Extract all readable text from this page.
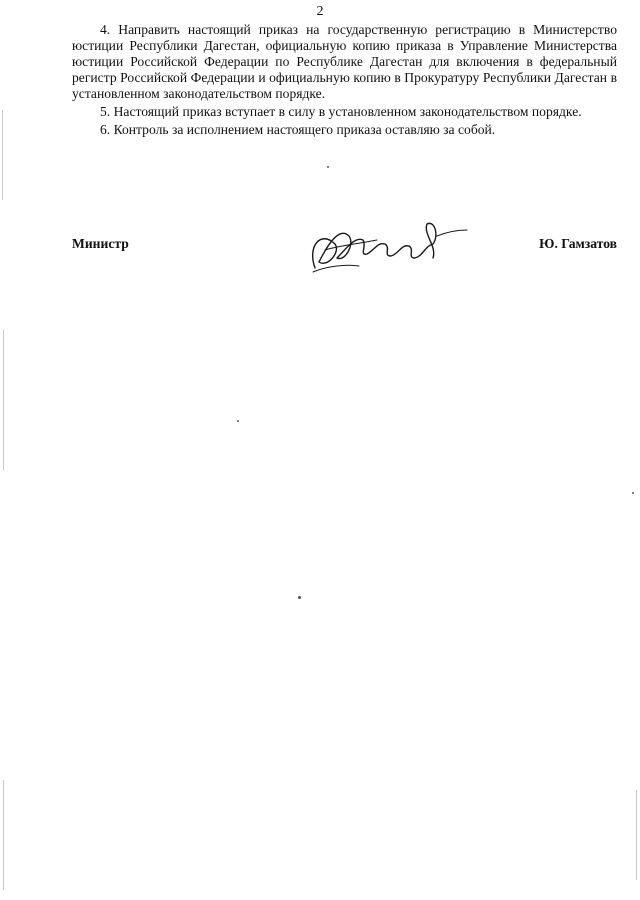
2

4. Направить настоящий приказ на государственную регистрацию в Министерство юстиции Республики Дагестан, официальную копию приказа в Управление Министерства юстиции Российской Федерации по Республике Дагестан для включения в федеральный регистр Российской Федерации и официальную копию в Прокуратуру Республики Дагестан в установленном законодательством порядке.

5. Настоящий приказ вступает в силу в установленном законодательством порядке.

6. Контроль за исполнением настоящего приказа оставляю за собой.

Министр	Ю. Гамзатов
